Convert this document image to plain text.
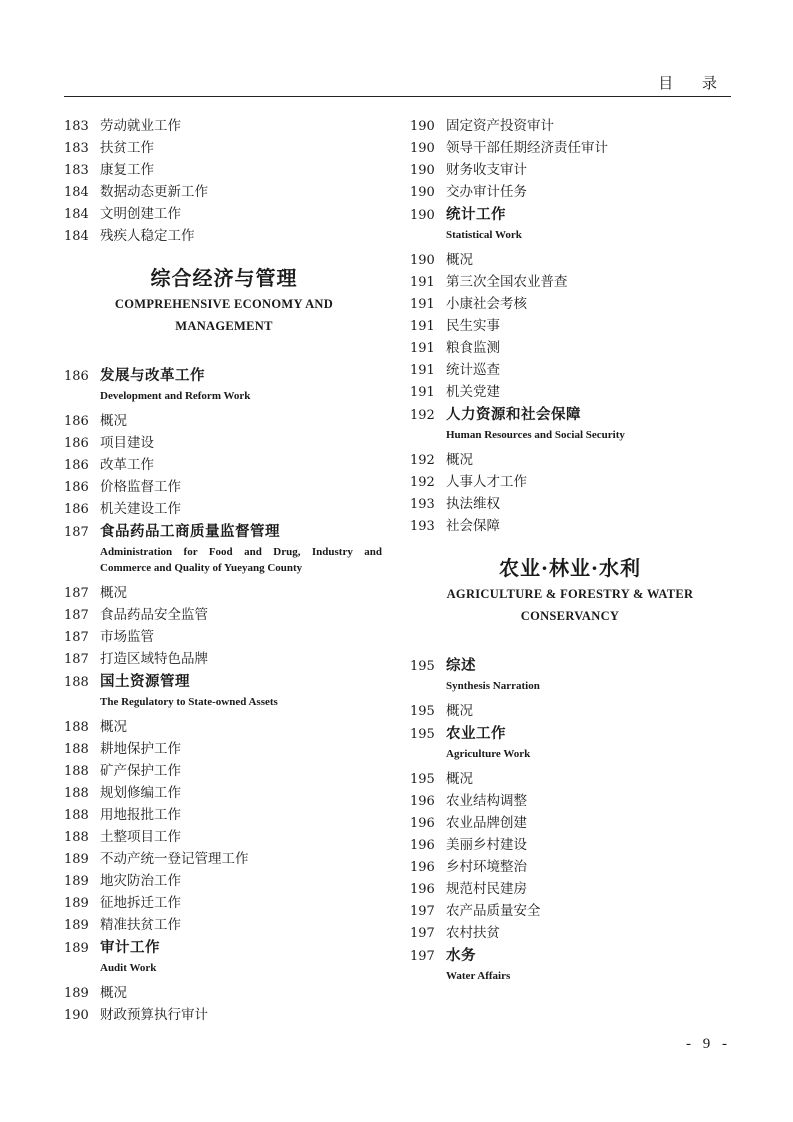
目 录
183 劳动就业工作
183 扶贫工作
183 康复工作
184 数据动态更新工作
184 文明创建工作
184 残疾人稳定工作
综合经济与管理
COMPREHENSIVE ECONOMY AND MANAGEMENT
186 发展与改革工作
Development and Reform Work
186 概况
186 项目建设
186 改革工作
186 价格监督工作
186 机关建设工作
187 食品药品工商质量监督管理
Administration for Food and Drug, Industry and Commerce and Quality of Yueyang County
187 概况
187 食品药品安全监管
187 市场监管
187 打造区域特色品牌
188 国土资源管理
The Regulatory to State-owned Assets
188 概况
188 耕地保护工作
188 矿产保护工作
188 规划修编工作
188 用地报批工作
188 土整项目工作
189 不动产统一登记管理工作
189 地灾防治工作
189 征地拆迁工作
189 精准扶贫工作
189 审计工作
Audit Work
189 概况
190 财政预算执行审计
190 固定资产投资审计
190 领导干部任期经济责任审计
190 财务收支审计
190 交办审计任务
190 统计工作
Statistical Work
190 概况
191 第三次全国农业普查
191 小康社会考核
191 民生实事
191 粮食监测
191 统计巡查
191 机关党建
192 人力资源和社会保障
Human Resources and Social Security
192 概况
192 人事人才工作
193 执法维权
193 社会保障
农业·林业·水利
AGRICULTURE & FORESTRY & WATER CONSERVANCY
195 综述
Synthesis Narration
195 概况
195 农业工作
Agriculture Work
195 概况
196 农业结构调整
196 农业品牌创建
196 美丽乡村建设
196 乡村环境整治
196 规范村民建房
197 农产品质量安全
197 农村扶贫
197 水务
Water Affairs
- 9 -
